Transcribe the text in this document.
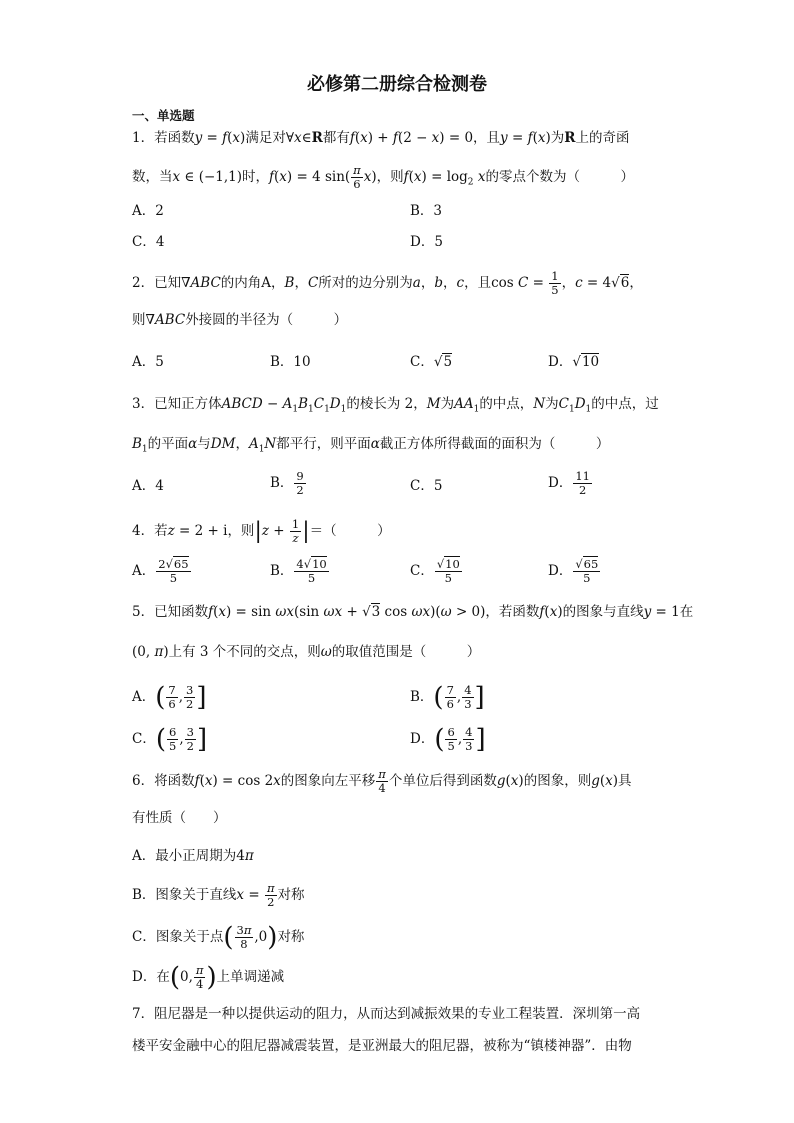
必修第二册综合检测卷
一、单选题
1．若函数y = f(x)满足对∀x∈R都有f(x) + f(2 − x) = 0，且y = f(x)为R上的奇函
数，当x ∈ (−1,1)时，f(x) = 4 $\sin( \frac{\pi}{6} x)$，则$f(x) = \log_2 x$的零点个数为（　　　）
A．2	B．3
C．4	D．5
2．已知∇ABC的内角A，B，C所对的边分别为a，b，c，且$\cos C = \frac{1}{5}$ ，c = 4√6，
则∇ABC外接圆的半径为（　　　）
A．5	B．10	C．√5	D．√10
3．已知正方体ABCD − $A_1B_1C_1D_1$的棱长为 2，M为$AA_1$的中点，N为$C_1D_1$的中点，过
$B_1$的平面α与DM，$A_1N$都平行，则平面α截正方体所得截面的面积为（　　　）
A．4	B． $\frac{9}{2}$	C．5	D． $\frac{11}{2}$
4．若z = 2 + i，则$|z + \frac{1}{z}$ |＝（　　　）
A． $\frac{2√65}{5}$	B． $\frac{4√10}{5}$	C． $\frac{√10}{5}$	D． $\frac{√65}{5}$
5．已知函数f(x) = sin ωx(sin ωx + √3 cos ωx)(ω > 0)，若函数f(x)的图象与直线y = 1在
(0, π)上有 3 个不同的交点，则ω的取值范围是（　　　）
A．( $\frac{7}{6}$ , $\frac{3}{2}$ ]	B．( $\frac{7}{6}$ , $\frac{4}{3}$ ]
C．( $\frac{6}{5}$ , $\frac{3}{2}$ ]	D．( $\frac{6}{5}$ , $\frac{4}{3}$ ]
6．将函数f(x) = cos 2x的图象向左平移 $\frac{\pi}{4}$ 个单位后得到函数g(x)的图象，则g(x)具
有性质（　　）
A．最小正周期为4π
B．图象关于直线$x = \frac{\pi}{2}$ 对称
C．图象关于点( $\frac{3\pi}{8} ,0$)对称
D．在(0, $\frac{\pi}{4}$ )上单调递减
7．阻尼器是一种以提供运动的阻力，从而达到减振效果的专业工程装置．深圳第一高
楼平安金融中心的阻尼器减震装置，是亚洲最大的阻尼器，被称为“镇楼神器”．由物
